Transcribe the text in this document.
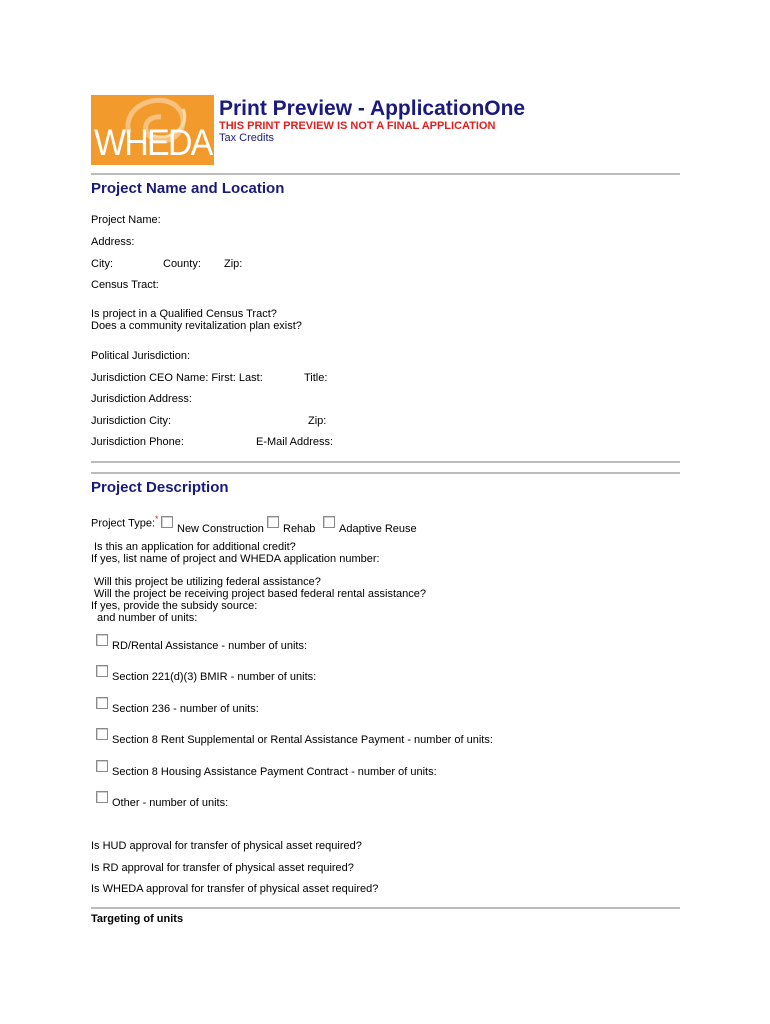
WHEDA
Print Preview - ApplicationOne
THIS PRINT PREVIEW IS NOT A FINAL APPLICATION
Tax Credits
Project Name and Location
Project Name:
Address:
City:	County: Zip:
Census Tract:
Is project in a Qualified Census Tract?
Does a community revitalization plan exist?
Political Jurisdiction:
Jurisdiction CEO Name: First: Last:	Title:
Jurisdiction Address:
Jurisdiction City:	Zip:
Jurisdiction Phone:	E-Mail Address:
Project Description
Project Type:*
New Construction Rehab Adaptive Reuse
Is this an application for additional credit?
If yes, list name of project and WHEDA application number:
Will this project be utilizing federal assistance?
Will the project be receiving project based federal rental assistance?
If yes, provide the subsidy source:
and number of units:
RD/Rental Assistance - number of units:
Section 221(d)(3) BMIR - number of units:
Section 236 - number of units:
Section 8 Rent Supplemental or Rental Assistance Payment - number of units:
Section 8 Housing Assistance Payment Contract - number of units:
Other - number of units:
Is HUD approval for transfer of physical asset required?
Is RD approval for transfer of physical asset required?
Is WHEDA approval for transfer of physical asset required?
Targeting of units
